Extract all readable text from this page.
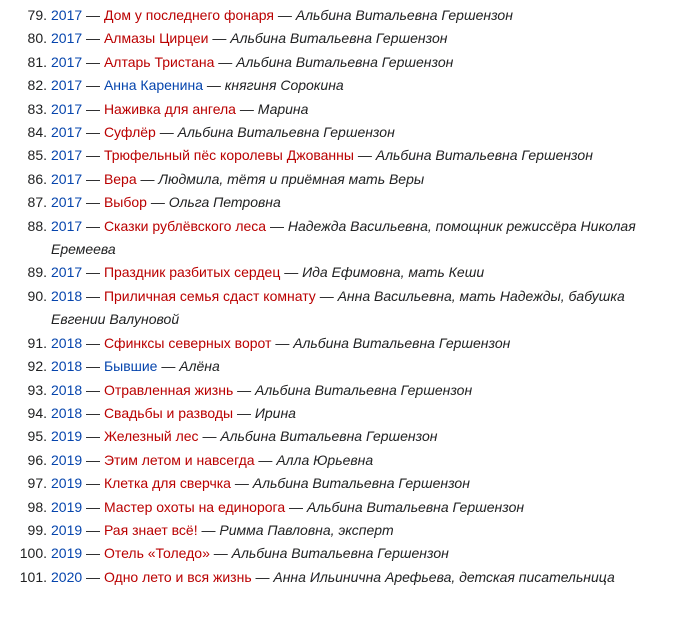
79. 2017 — Дом у последнего фонаря — Альбина Витальевна Гершензон
80. 2017 — Алмазы Цирцеи — Альбина Витальевна Гершензон
81. 2017 — Алтарь Тристана — Альбина Витальевна Гершензон
82. 2017 — Анна Каренина — княгиня Сорокина
83. 2017 — Наживка для ангела — Марина
84. 2017 — Суфлёр — Альбина Витальевна Гершензон
85. 2017 — Трюфельный пёс королевы Джованны — Альбина Витальевна Гершензон
86. 2017 — Вера — Людмила, тётя и приёмная мать Веры
87. 2017 — Выбор — Ольга Петровна
88. 2017 — Сказки рублёвского леса — Надежда Васильевна, помощник режиссёра Николая Еремеева
89. 2017 — Праздник разбитых сердец — Ида Ефимовна, мать Кеши
90. 2018 — Приличная семья сдаст комнату — Анна Васильевна, мать Надежды, бабушка Евгении Валуновой
91. 2018 — Сфинксы северных ворот — Альбина Витальевна Гершензон
92. 2018 — Бывшие — Алёна
93. 2018 — Отравленная жизнь — Альбина Витальевна Гершензон
94. 2018 — Свадьбы и разводы — Ирина
95. 2019 — Железный лес — Альбина Витальевна Гершензон
96. 2019 — Этим летом и навсегда — Алла Юрьевна
97. 2019 — Клетка для сверчка — Альбина Витальевна Гершензон
98. 2019 — Мастер охоты на единорога — Альбина Витальевна Гершензон
99. 2019 — Рая знает всё! — Римма Павловна, эксперт
100. 2019 — Отель «Толедо» — Альбина Витальевна Гершензон
101. 2020 — Одно лето и вся жизнь — Анна Ильинична Арефьева, детская писательница
